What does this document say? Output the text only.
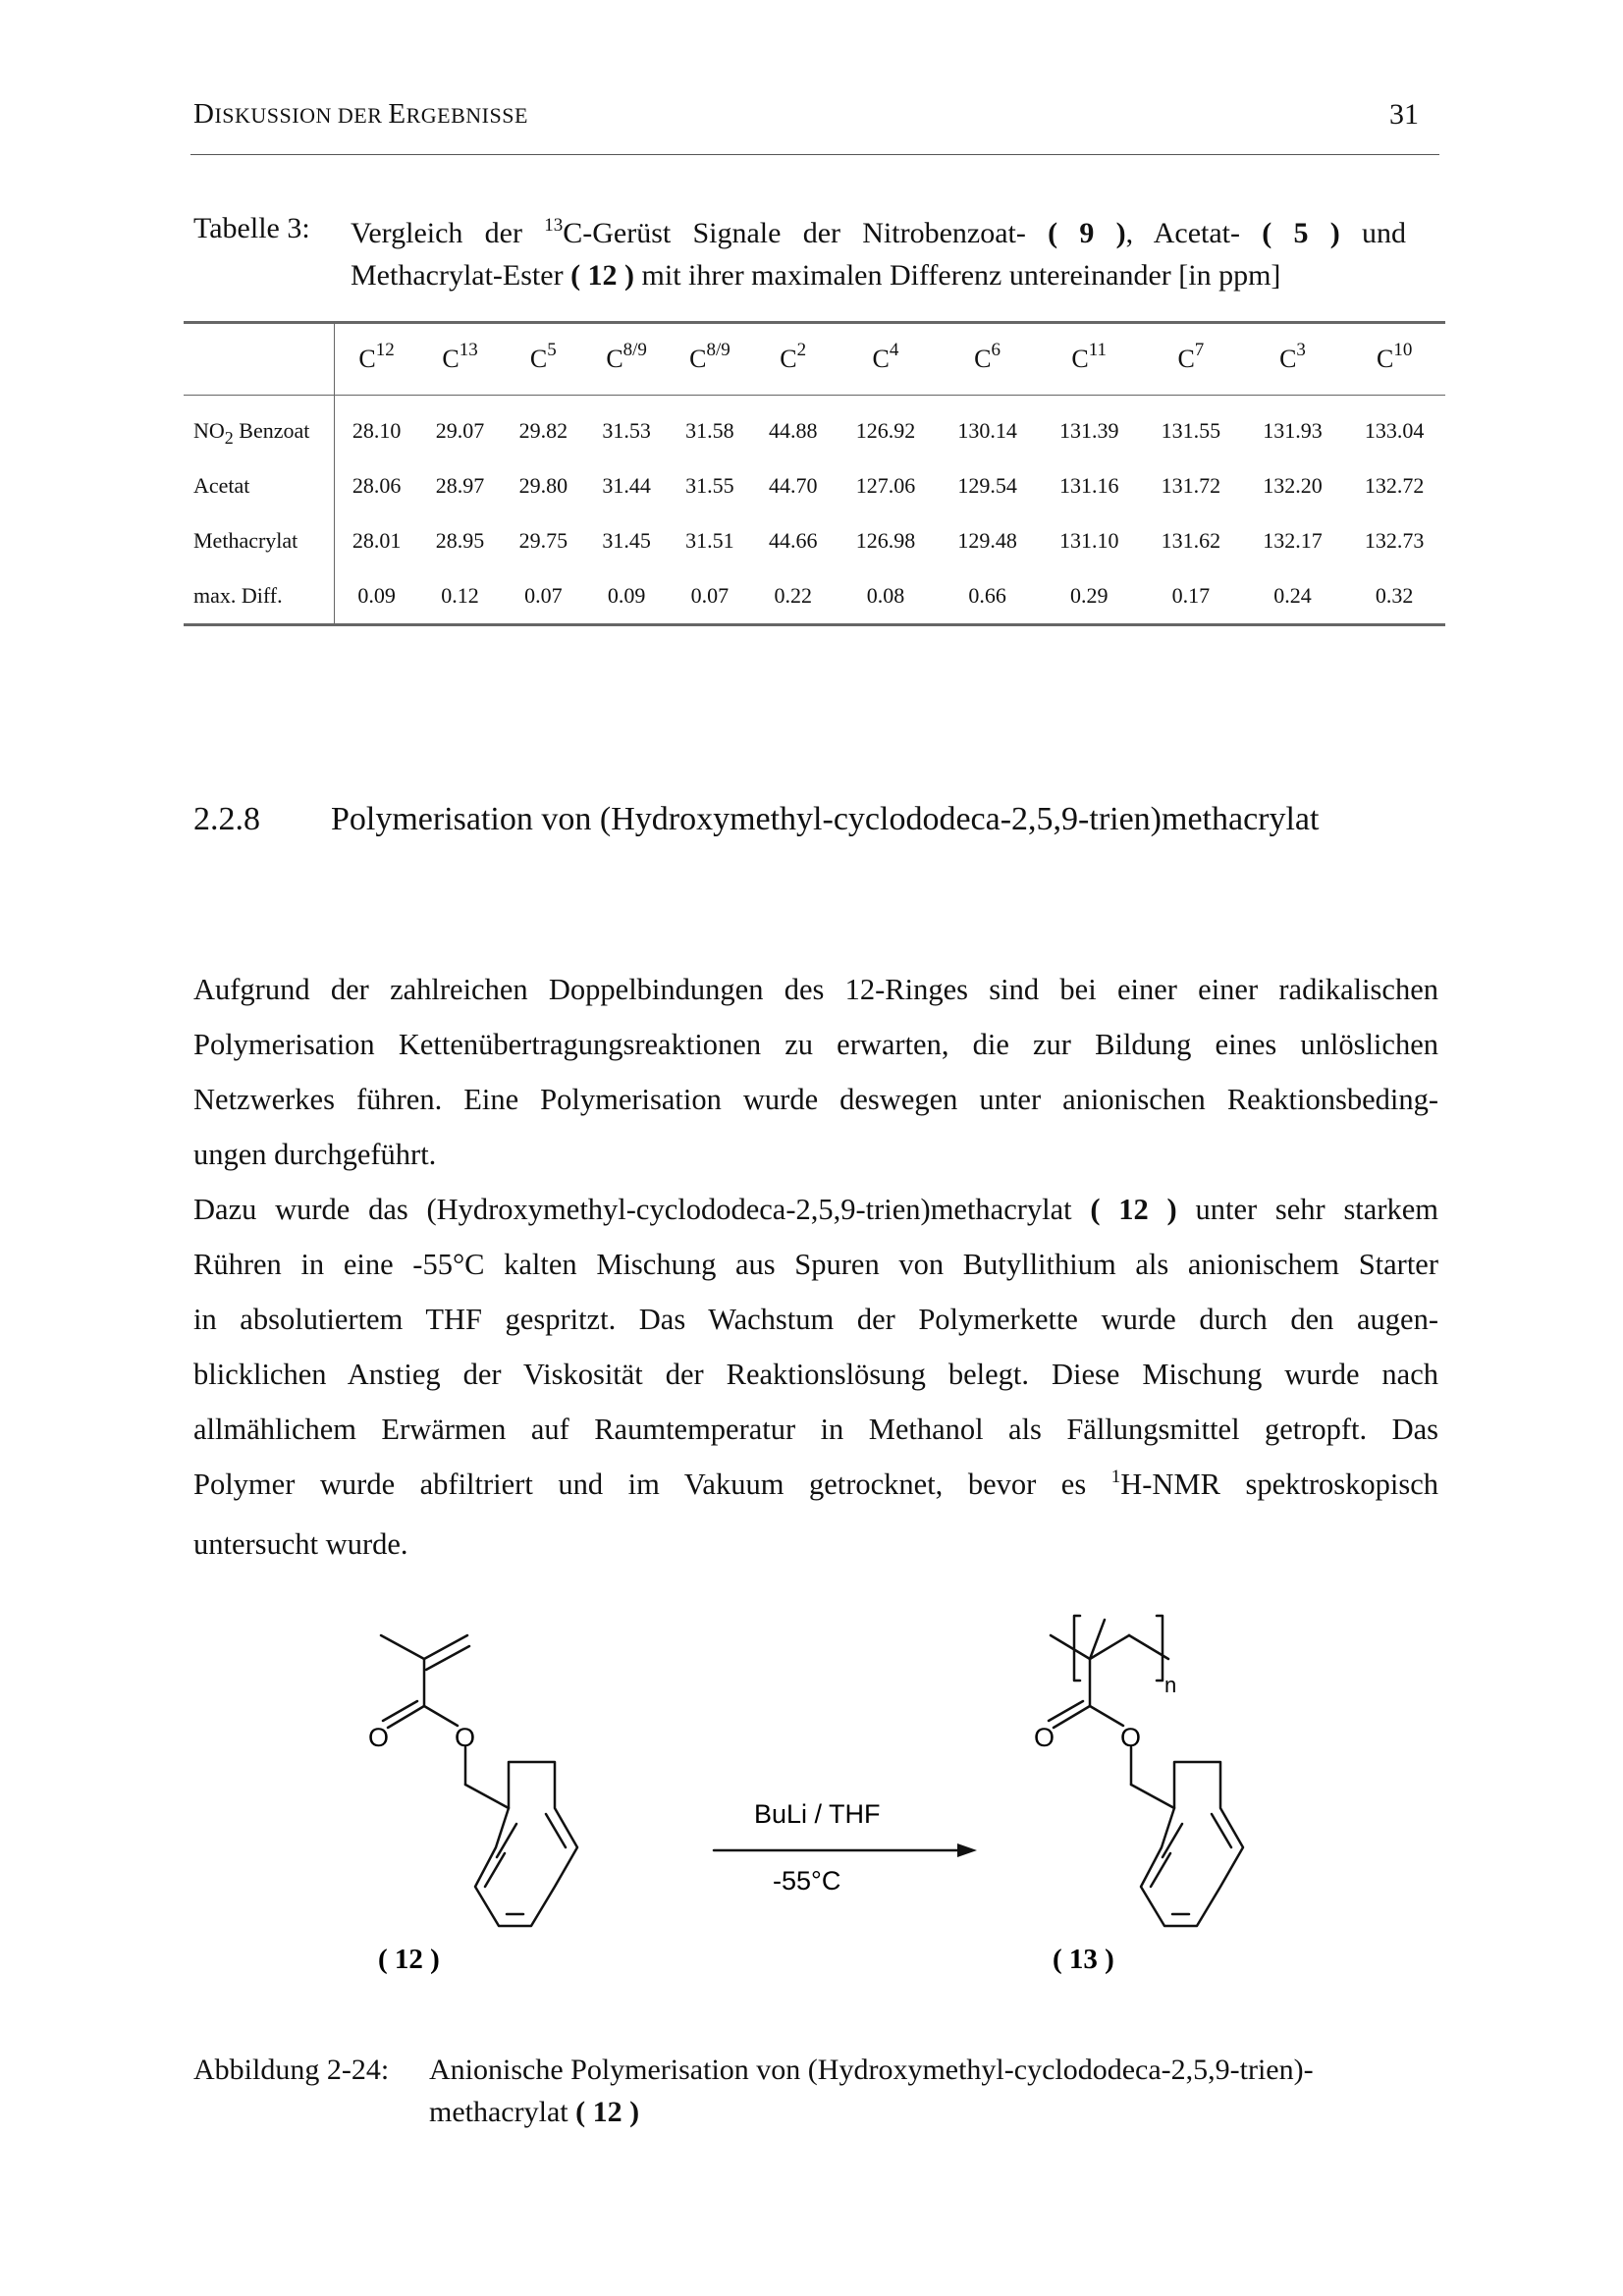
DISKUSSION DER ERGEBNISSE	31
Tabelle 3: Vergleich der $^{13}$C-Gerüst Signale der Nitrobenzoat- ( 9 ), Acetat- ( 5 ) und
Methacrylat-Ester ( 12 ) mit ihrer maximalen Differenz untereinander [in ppm]
	$C^{12}$	$C^{13}$	$C^5$	$C^{8/9}$	$C^{8/9}$	$C^2$	$C^4$	$C^6$	$C^{11}$	$C^7$	$C^3$	$C^{10}$
$NO_2$ Benzoat	28.10	29.07	29.82	31.53	31.58	44.88	126.92	130.14	131.39	131.55	131.93	133.04
Acetat	28.06	28.97	29.80	31.44	31.55	44.70	127.06	129.54	131.16	131.72	132.20	132.72
Methacrylat	28.01	28.95	29.75	31.45	31.51	44.66	126.98	129.48	131.10	131.62	132.17	132.73
max. Diff.	0.09	0.12	0.07	0.09	0.07	0.22	0.08	0.66	0.29	0.17	0.24	0.32
2.2.8 Polymerisation von (Hydroxymethyl-cyclododeca-2,5,9-trien)methacrylat
Aufgrund der zahlreichen Doppelbindungen des 12-Ringes sind bei einer einer radikalischen
Polymerisation Kettenübertragungsreaktionen zu erwarten, die zur Bildung eines unlöslichen
Netzwerkes führen. Eine Polymerisation wurde deswegen unter anionischen Reaktionsbeding-
ungen durchgeführt.
Dazu wurde das (Hydroxymethyl-cyclododeca-2,5,9-trien)methacrylat ( 12 ) unter sehr starkem
Rühren in eine -55°C kalten Mischung aus Spuren von Butyllithium als anionischem Starter
in absolutiertem THF gespritzt. Das Wachstum der Polymerkette wurde durch den augen-
blicklichen Anstieg der Viskosität der Reaktionslösung belegt. Diese Mischung wurde nach
allmählichem Erwärmen auf Raumtemperatur in Methanol als Fällungsmittel getropft. Das
Polymer wurde abfiltriert und im Vakuum getrocknet, bevor es $^1$H-NMR spektroskopisch
untersucht wurde.
O O	O O
n
BuLi / THF
-55°C
( 12 )	( 13 )
Abbildung 2-24: Anionische Polymerisation von (Hydroxymethyl-cyclododeca-2,5,9-trien)-
methacrylat ( 12 )
